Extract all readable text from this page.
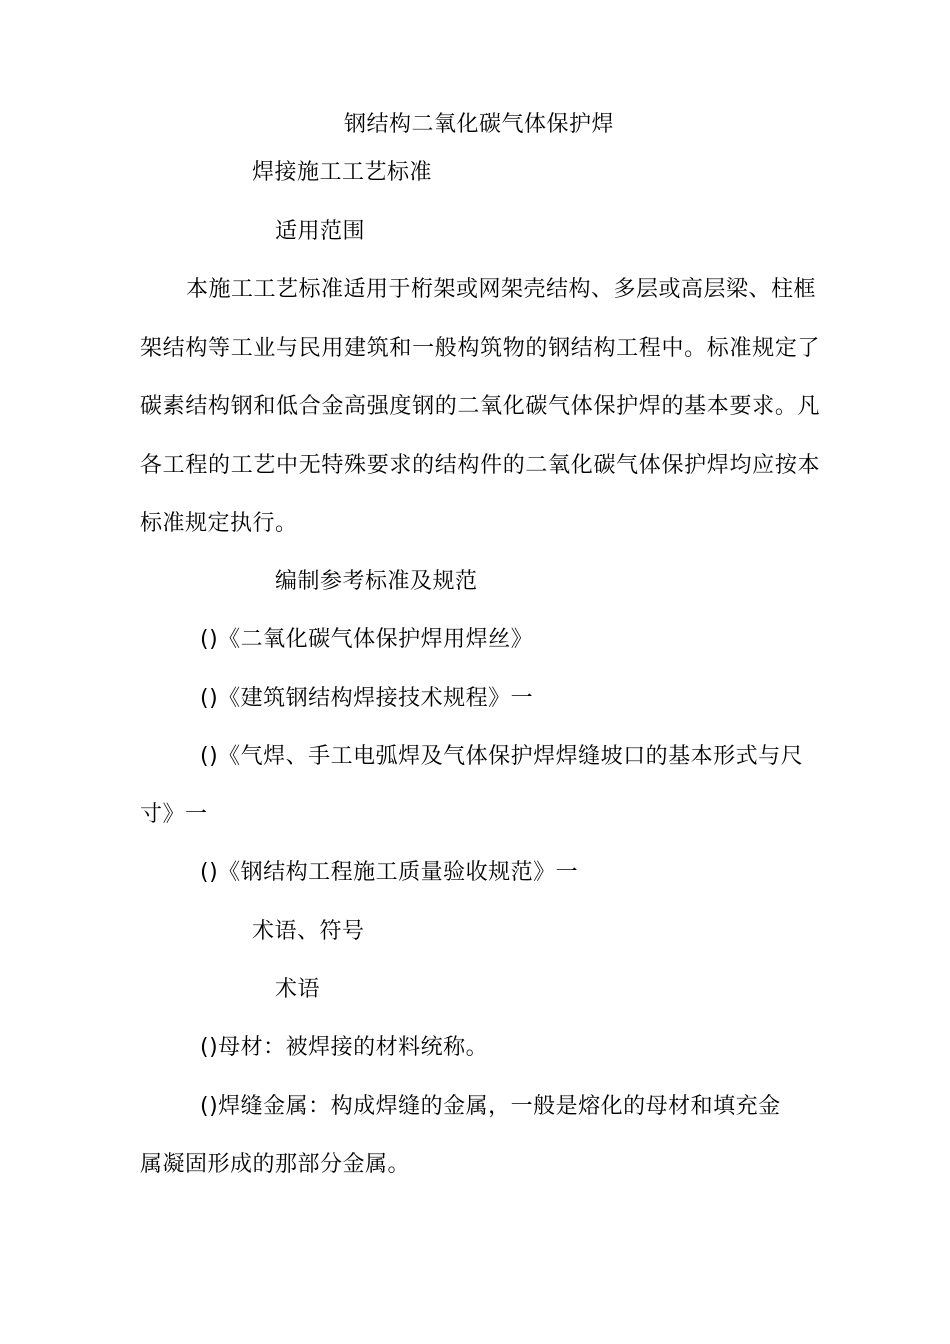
钢结构二氧化碳气体保护焊
焊接施工工艺标准
适用范围
本施工工艺标准适用于桁架或网架壳结构、多层或高层梁、柱框
架结构等工业与民用建筑和一般构筑物的钢结构工程中。标准规定了
碳素结构钢和低合金高强度钢的二氧化碳气体保护焊的基本要求。凡
各工程的工艺中无特殊要求的结构件的二氧化碳气体保护焊均应按本
标准规定执行。
编制参考标准及规范
()《二氧化碳气体保护焊用焊丝》
()《建筑钢结构焊接技术规程》一
()《气焊、手工电弧焊及气体保护焊焊缝坡口的基本形式与尺
寸》一
()《钢结构工程施工质量验收规范》一
术语、符号
术语
()母材：被焊接的材料统称。
()焊缝金属：构成焊缝的金属，一般是熔化的母材和填充金
属凝固形成的那部分金属。
